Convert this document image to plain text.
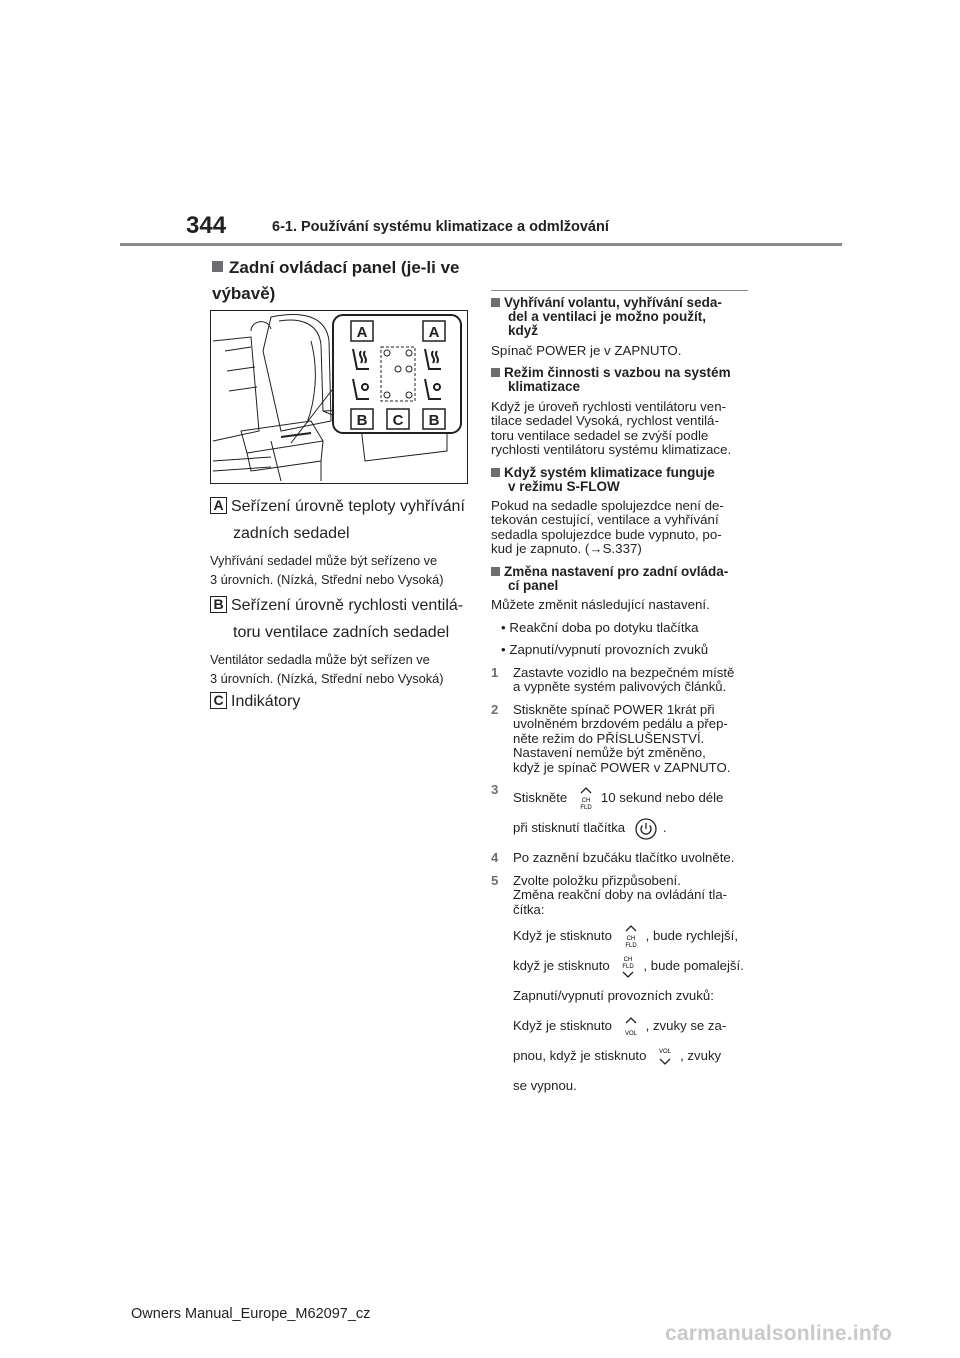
344	6-1. Používání systému klimatizace a odmlžování
Zadní ovládací panel (je-li ve výbavě)
A	A
B C B
A Seřízení úrovně teploty vyhřívání
zadních sedadel
Vyhřívání sedadel může být seřízeno ve
3 úrovních. (Nízká, Střední nebo Vysoká)
B Seřízení úrovně rychlosti ventilá-
toru ventilace zadních sedadel
Ventilátor sedadla může být seřízen ve
3 úrovních. (Nízká, Střední nebo Vysoká)
C Indikátory
Vyhřívání volantu, vyhřívání seda-
del a ventilaci je možno použít,
když
Spínač POWER je v ZAPNUTO.
Režim činnosti s vazbou na systém
klimatizace
Když je úroveň rychlosti ventilátoru ven-
tilace sedadel Vysoká, rychlost ventilá-
toru ventilace sedadel se zvýší podle
rychlosti ventilátoru systému klimatizace.
Když systém klimatizace funguje
v režimu S-FLOW
Pokud na sedadle spolujezdce není de-
tekován cestující, ventilace a vyhřívání
sedadla spolujezdce bude vypnuto, po-
kud je zapnuto. (→S.337)
Změna nastavení pro zadní ovláda-
cí panel
Můžete změnit následující nastavení.
• Reakční doba po dotyku tlačítka
• Zapnutí/vypnutí provozních zvuků
1 Zastavte vozidlo na bezpečném místě
a vypněte systém palivových článků.
2 Stiskněte spínač POWER 1krát při
uvolněném brzdovém pedálu a přep-
něte režim do PŘÍSLUŠENSTVÍ.
Nastavení nemůže být změněno,
když je spínač POWER v ZAPNUTO.
3
Stiskněte CH
FLD
10 sekund nebo déle
při stisknutí tlačítka	.
4 Po zaznění bzučáku tlačítko uvolněte.
5 Zvolte položku přizpůsobení.
Změna reakční doby na ovládání tla-
čítka:
Když je stisknuto CH
FLD
, bude rychlejší,
když je stisknuto CH
FLD , bude pomalejší.
Zapnutí/vypnutí provozních zvuků:
Když je stisknuto
VOL
, zvuky se za-
pnou, když je stisknuto VOL , zvuky
se vypnou.
Owners Manual_Europe_M62097_cz
carmanualsonline.info
